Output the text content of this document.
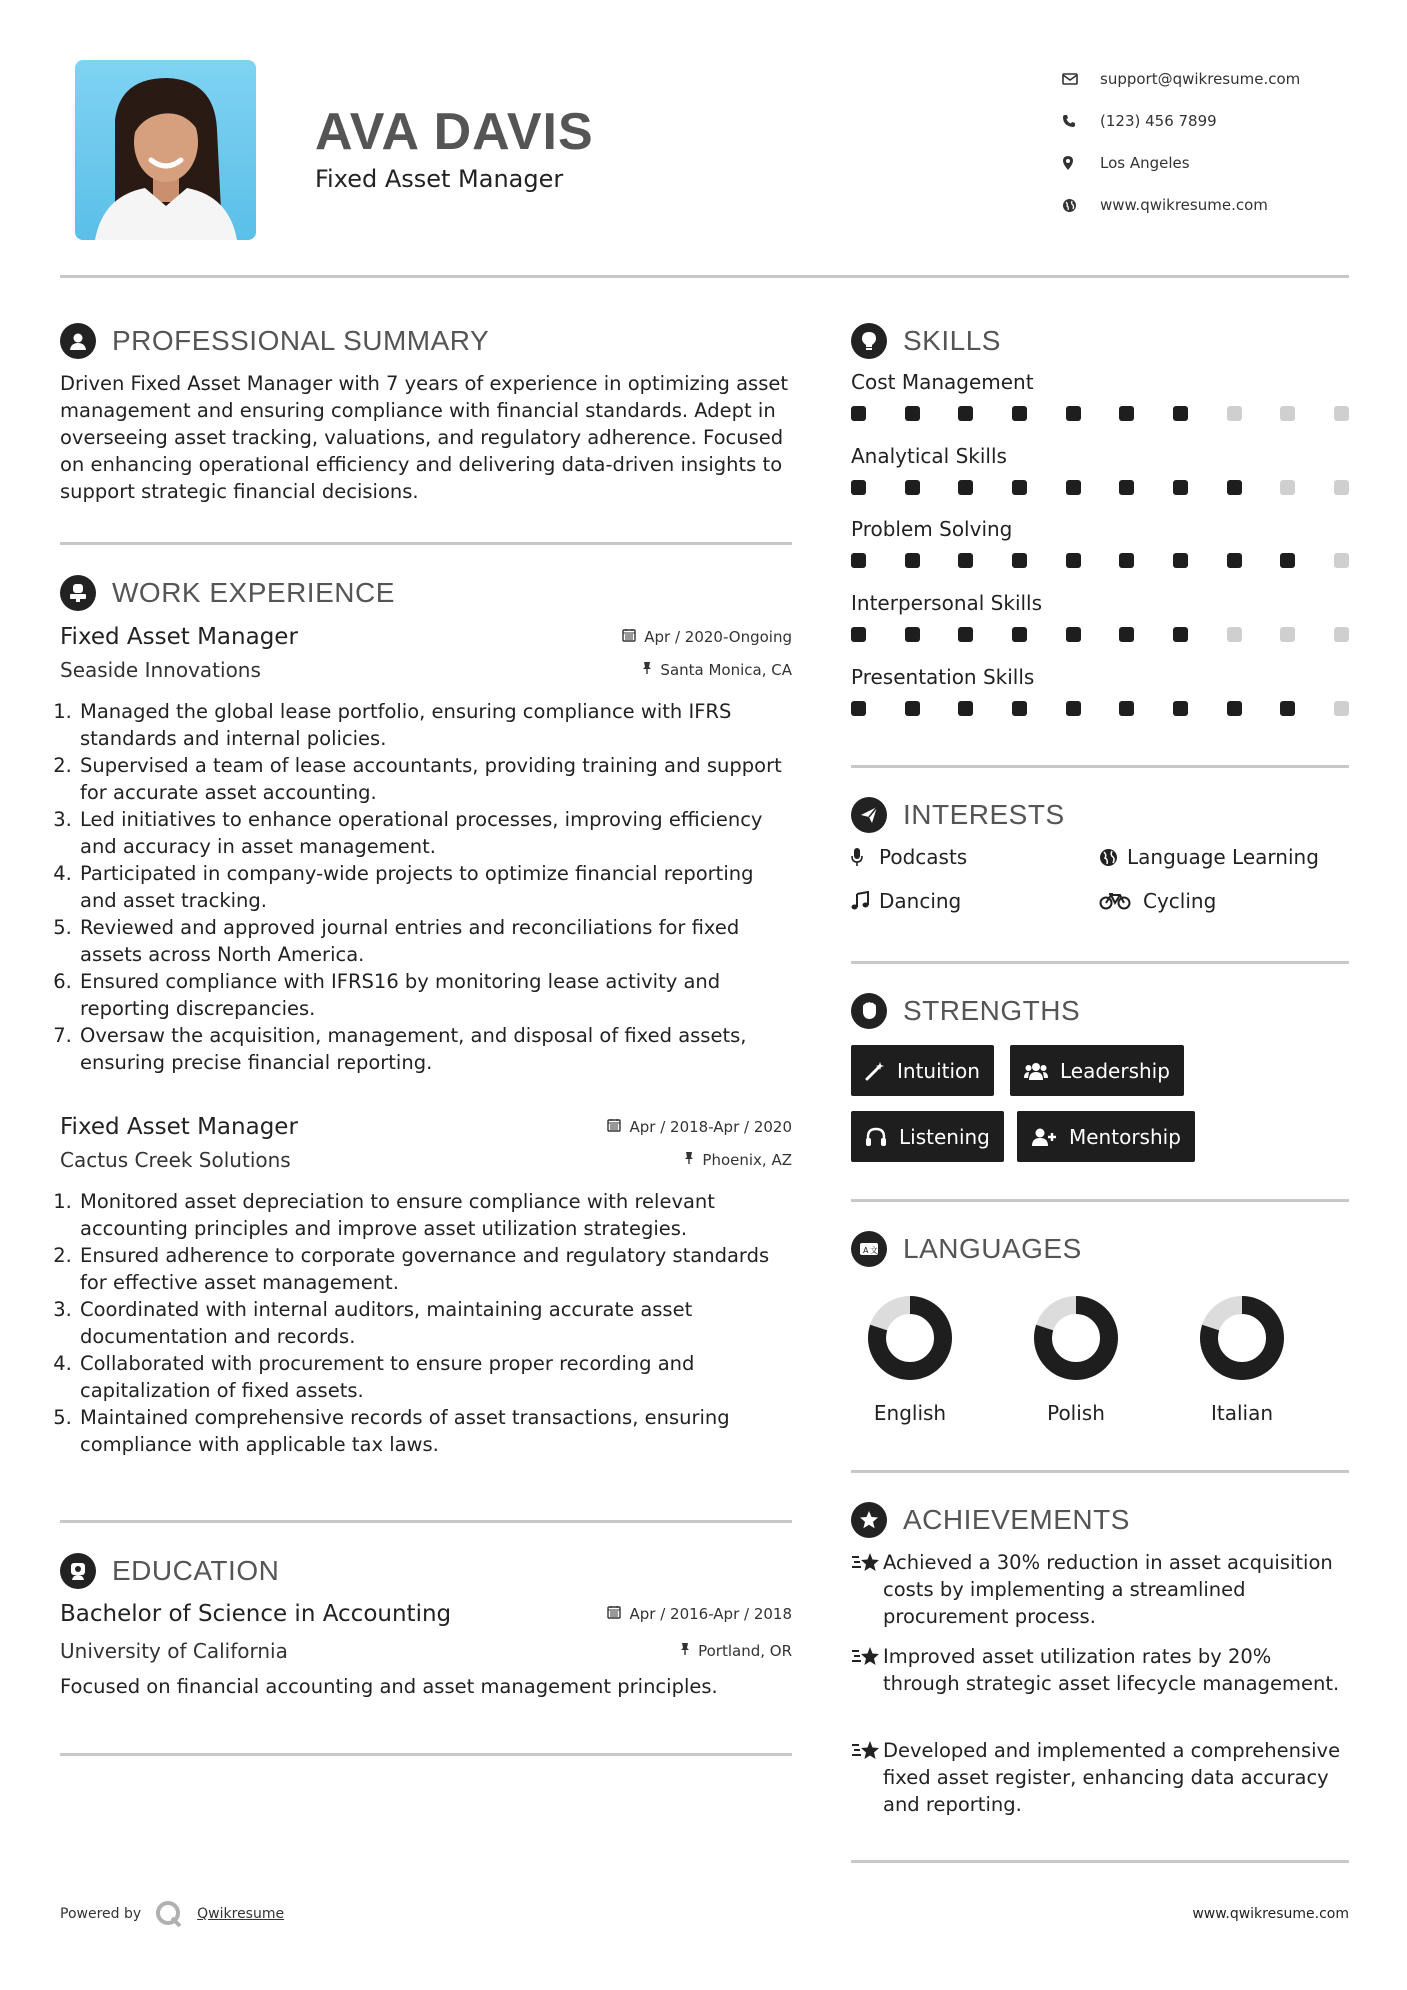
AVA DAVIS
Fixed Asset Manager
support@qwikresume.com
(123) 456 7899
Los Angeles
www.qwikresume.com
PROFESSIONAL SUMMARY
Driven Fixed Asset Manager with 7 years of experience in optimizing asset management and ensuring compliance with financial standards. Adept in overseeing asset tracking, valuations, and regulatory adherence. Focused on enhancing operational efficiency and delivering data-driven insights to support strategic financial decisions.
WORK EXPERIENCE
Fixed Asset Manager	Apr / 2020-Ongoing
Seaside Innovations	Santa Monica, CA
1. Managed the global lease portfolio, ensuring compliance with IFRS standards and internal policies.
2. Supervised a team of lease accountants, providing training and support for accurate asset accounting.
3. Led initiatives to enhance operational processes, improving efficiency and accuracy in asset management.
4. Participated in company-wide projects to optimize financial reporting and asset tracking.
5. Reviewed and approved journal entries and reconciliations for fixed assets across North America.
6. Ensured compliance with IFRS16 by monitoring lease activity and reporting discrepancies.
7. Oversaw the acquisition, management, and disposal of fixed assets, ensuring precise financial reporting.
Fixed Asset Manager	Apr / 2018-Apr / 2020
Cactus Creek Solutions	Phoenix, AZ
1. Monitored asset depreciation to ensure compliance with relevant accounting principles and improve asset utilization strategies.
2. Ensured adherence to corporate governance and regulatory standards for effective asset management.
3. Coordinated with internal auditors, maintaining accurate asset documentation and records.
4. Collaborated with procurement to ensure proper recording and capitalization of fixed assets.
5. Maintained comprehensive records of asset transactions, ensuring compliance with applicable tax laws.
EDUCATION
Bachelor of Science in Accounting	Apr / 2016-Apr / 2018
University of California	Portland, OR
Focused on financial accounting and asset management principles.
SKILLS
Cost Management
Analytical Skills
Problem Solving
Interpersonal Skills
Presentation Skills
INTERESTS
Podcasts	Language Learning
Dancing	Cycling
STRENGTHS
Intuition	Leadership
Listening	Mentorship
A 文 LANGUAGES
English	Polish	Italian
ACHIEVEMENTS
Achieved a 30% reduction in asset acquisition costs by implementing a streamlined procurement process.
Improved asset utilization rates by 20% through strategic asset lifecycle management.
Developed and implemented a comprehensive fixed asset register, enhancing data accuracy and reporting.
Powered by	Qwikresume	www.qwikresume.com
